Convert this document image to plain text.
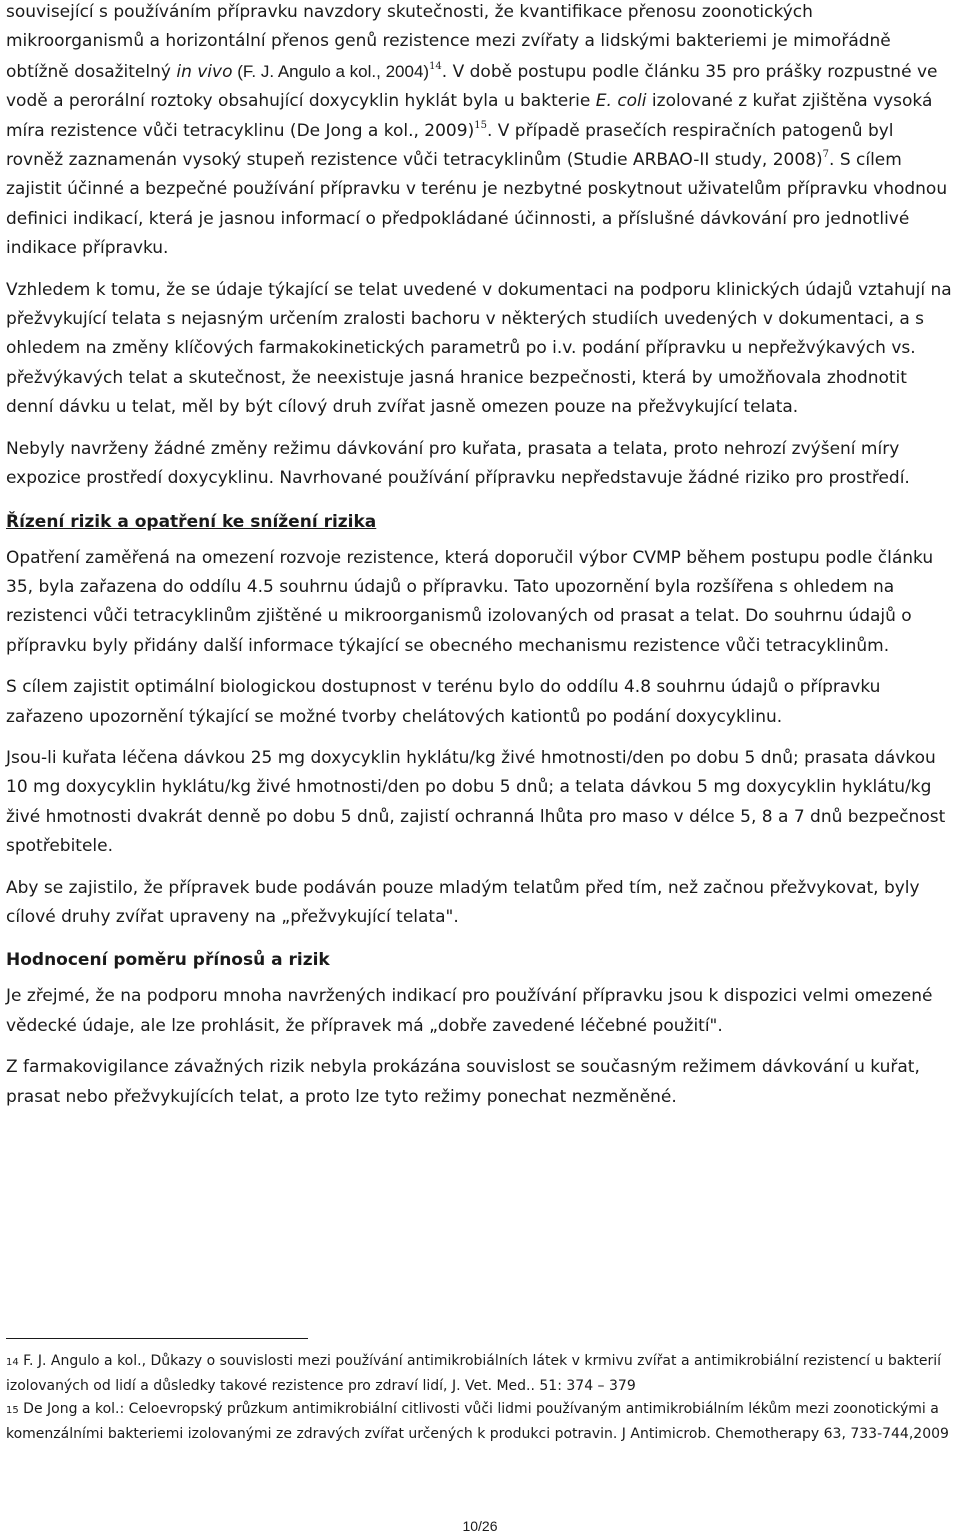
související s používáním přípravku navzdory skutečnosti, že kvantifikace přenosu zoonotických mikroorganismů a horizontální přenos genů rezistence mezi zvířaty a lidskými bakteriemi je mimořádně obtížně dosažitelný in vivo (F. J. Angulo a kol., 2004)$^{14}$. V době postupu podle článku 35 pro prášky rozpustné ve vodě a perorální roztoky obsahující doxycyklin hyklát byla u bakterie E. coli izolované z kuřat zjištěna vysoká míra rezistence vůči tetracyklinu (De Jong a kol., 2009)$^{15}$. V případě prasečích respiračních patogenů byl rovněž zaznamenán vysoký stupeň rezistence vůči tetracyklinům (Studie ARBAO-II study, 2008)$^7$. S cílem zajistit účinné a bezpečné používání přípravku v terénu je nezbytné poskytnout uživatelům přípravku vhodnou definici indikací, která je jasnou informací o předpokládané účinnosti, a příslušné dávkování pro jednotlivé indikace přípravku.

Vzhledem k tomu, že se údaje týkající se telat uvedené v dokumentaci na podporu klinických údajů vztahují na přežvykující telata s nejasným určením zralosti bachoru v některých studiích uvedených v dokumentaci, a s ohledem na změny klíčových farmakokinetických parametrů po i.v. podání přípravku u nepřežvýkavých vs. přežvýkavých telat a skutečnost, že neexistuje jasná hranice bezpečnosti, která by umožňovala zhodnotit denní dávku u telat, měl by být cílový druh zvířat jasně omezen pouze na přežvykující telata.

Nebyly navrženy žádné změny režimu dávkování pro kuřata, prasata a telata, proto nehrozí zvýšení míry expozice prostředí doxycyklinu. Navrhované používání přípravku nepředstavuje žádné riziko pro prostředí.

Řízení rizik a opatření ke snížení rizika

Opatření zaměřená na omezení rozvoje rezistence, která doporučil výbor CVMP během postupu podle článku 35, byla zařazena do oddílu 4.5 souhrnu údajů o přípravku. Tato upozornění byla rozšířena s ohledem na rezistenci vůči tetracyklinům zjištěné u mikroorganismů izolovaných od prasat a telat. Do souhrnu údajů o přípravku byly přidány další informace týkající se obecného mechanismu rezistence vůči tetracyklinům.

S cílem zajistit optimální biologickou dostupnost v terénu bylo do oddílu 4.8 souhrnu údajů o přípravku zařazeno upozornění týkající se možné tvorby chelátových kationtů po podání doxycyklinu.

Jsou-li kuřata léčena dávkou 25 mg doxycyklin hyklátu/kg živé hmotnosti/den po dobu 5 dnů; prasata dávkou 10 mg doxycyklin hyklátu/kg živé hmotnosti/den po dobu 5 dnů; a telata dávkou 5 mg doxycyklin hyklátu/kg živé hmotnosti dvakrát denně po dobu 5 dnů, zajistí ochranná lhůta pro maso v délce 5, 8 a 7 dnů bezpečnost spotřebitele.

Aby se zajistilo, že přípravek bude podáván pouze mladým telatům před tím, než začnou přežvykovat, byly cílové druhy zvířat upraveny na „přežvykující telata".

Hodnocení poměru přínosů a rizik

Je zřejmé, že na podporu mnoha navržených indikací pro používání přípravku jsou k dispozici velmi omezené vědecké údaje, ale lze prohlásit, že přípravek má „dobře zavedené léčebné použití".

Z farmakovigilance závažných rizik nebyla prokázána souvislost se současným režimem dávkování u kuřat, prasat nebo přežvykujících telat, a proto lze tyto režimy ponechat nezměněné.

14 F. J. Angulo a kol., Důkazy o souvislosti mezi používání antimikrobiálních látek v krmivu zvířat a antimikrobiální rezistencí u bakterií izolovaných od lidí a důsledky takové rezistence pro zdraví lidí, J. Vet. Med.. 51: 374 – 379

15 De Jong a kol.: Celoevropský průzkum antimikrobiální citlivosti vůči lidmi používaným antimikrobiálním lékům mezi zoonotickými a komenzálními bakteriemi izolovanými ze zdravých zvířat určených k produkci potravin. J Antimicrob. Chemotherapy 63, 733-744,2009

10/26
